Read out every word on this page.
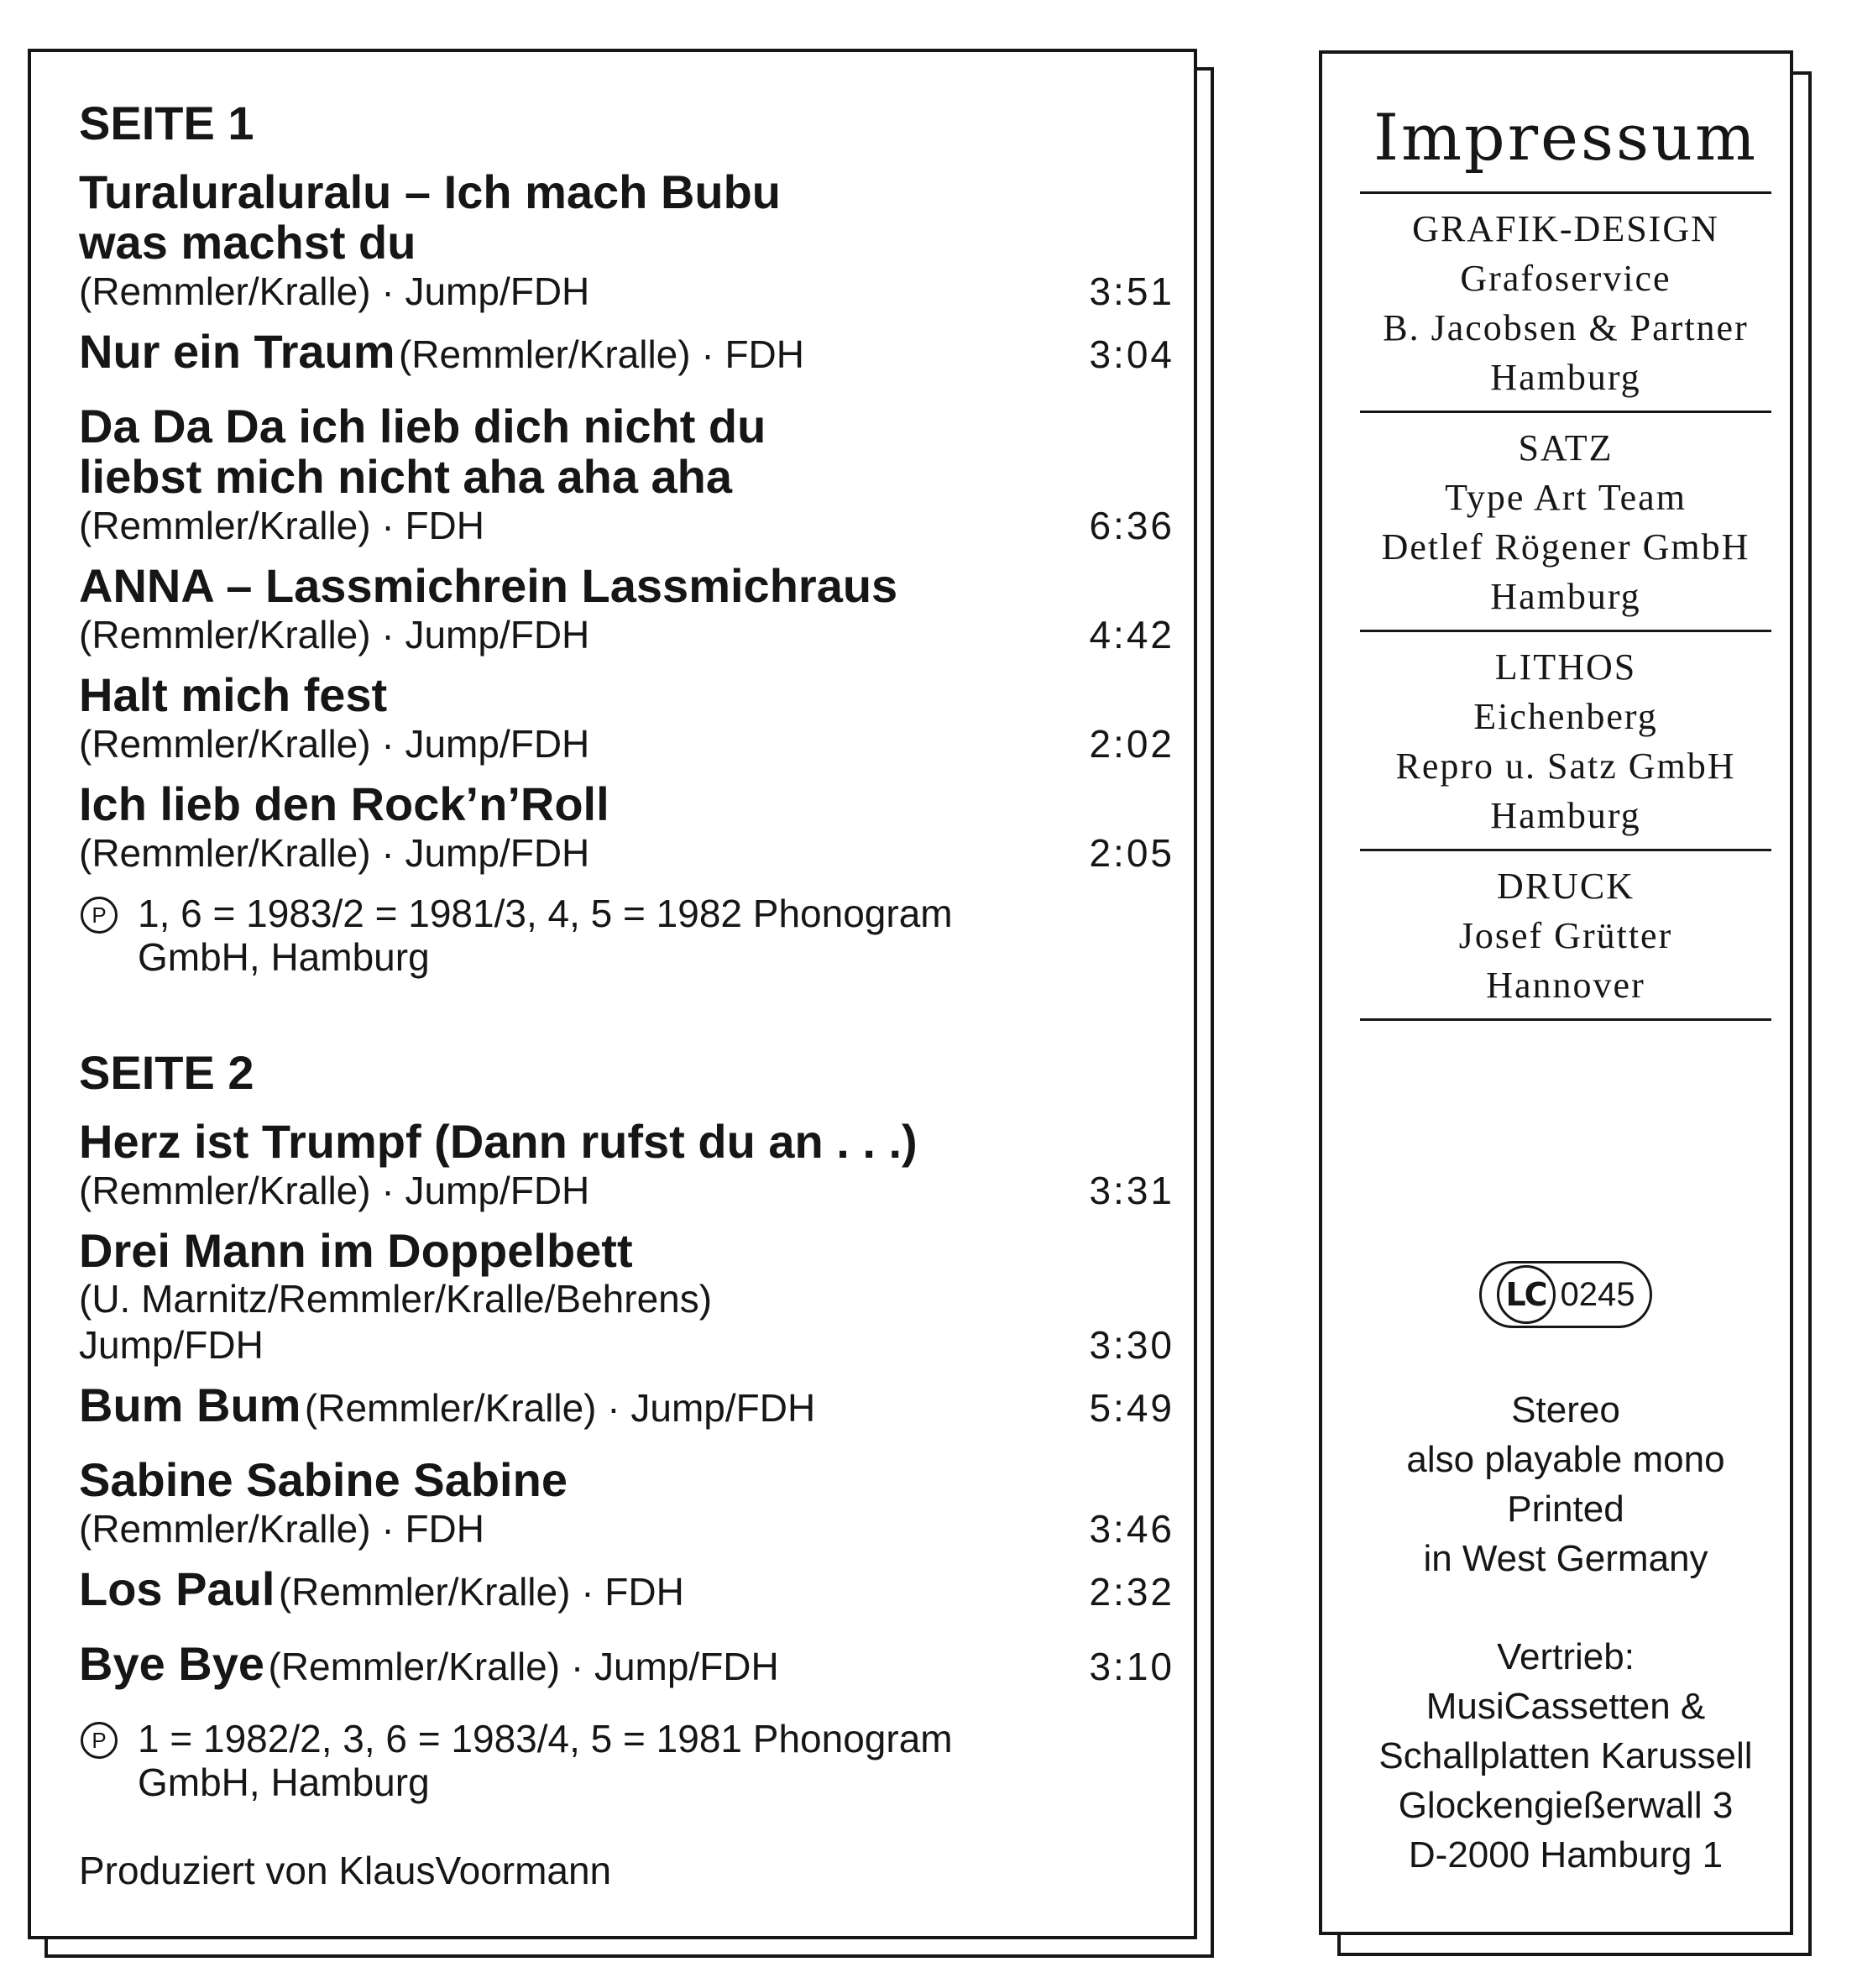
SEITE 1
Turaluraluralu – Ich mach Bubu
was machst du
(Remmler/Kralle) · Jump/FDH	3:51
Nur ein Traum (Remmler/Kralle) · FDH	3:04
Da Da Da ich lieb dich nicht du
liebst mich nicht aha aha aha
(Remmler/Kralle) · FDH	6:36
ANNA – Lassmichrein Lassmichraus
(Remmler/Kralle) · Jump/FDH	4:42
Halt mich fest
(Remmler/Kralle) · Jump/FDH	2:02
Ich lieb den Rock’n’Roll
(Remmler/Kralle) · Jump/FDH	2:05
P 1, 6 = 1983/2 = 1981/3, 4, 5 = 1982 Phonogram GmbH, Hamburg
SEITE 2
Herz ist Trumpf (Dann rufst du an . . .)
(Remmler/Kralle) · Jump/FDH	3:31
Drei Mann im Doppelbett
(U. Marnitz/Remmler/Kralle/Behrens)
Jump/FDH	3:30
Bum Bum (Remmler/Kralle) · Jump/FDH	5:49
Sabine Sabine Sabine
(Remmler/Kralle) · FDH	3:46
Los Paul (Remmler/Kralle) · FDH	2:32
Bye Bye (Remmler/Kralle) · Jump/FDH	3:10
P 1 = 1982/2, 3, 6 = 1983/4, 5 = 1981 Phonogram GmbH, Hamburg
Produziert von KlausVoormann
Impressum
GRAFIK-DESIGN
Grafoservice
B. Jacobsen & Partner
Hamburg
SATZ
Type Art Team
Detlef Rögener GmbH
Hamburg
LITHOS
Eichenberg
Repro u. Satz GmbH
Hamburg
DRUCK
Josef Grütter
Hannover
LC 0245
Stereo
also playable mono
Printed
in West Germany
Vertrieb:
MusiCassetten &
Schallplatten Karussell
Glockengießerwall 3
D-2000 Hamburg 1
